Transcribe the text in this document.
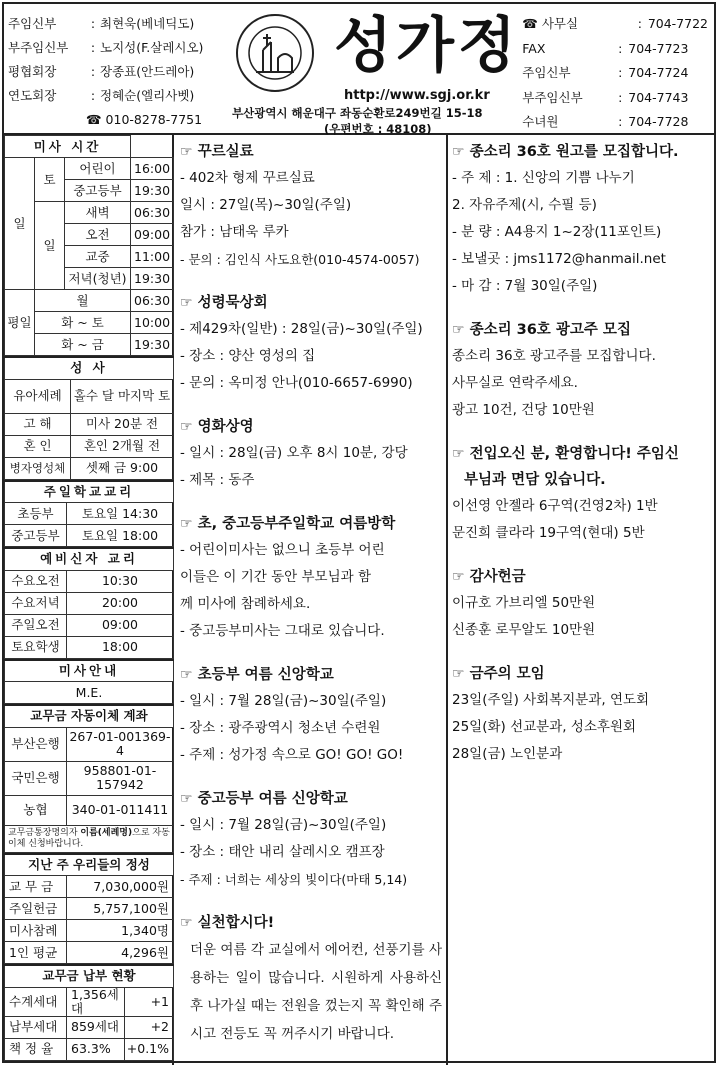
주임신부	: 최현욱(베네딕도)
부주임신부	: 노지성(F.살레시오)
평협회장	: 장종표(안드레아)
연도회장	: 정혜순(엘리사벳)
☎ 010-8278-7751
성가정
http://www.sgj.or.kr
부산광역시 해운대구 좌동순환로249번길 15-18
(우편번호 : 48108)
☎ 사무실	: 704-7722
FAX	: 704-7723
주임신부	: 704-7724
부주임신부	: 704-7743
수녀원	: 704-7728
미사 시간			
일	토	어린이	16:00
		중고등부	19:30
	일	새벽	06:30
		오전	09:00
		교중	11:00
		저녁(청년)	19:30
평일	월		06:30
	화 ~ 토		10:00
	화 ~ 금		19:30
성 사	
유아세례	홀수 달 마지막 토
고 해	미사 20분 전
혼 인	혼인 2개월 전
병자영성체	셋째 금 9:00
주일학교교리	
초등부	토요일 14:30
중고등부	토요일 18:00
예비신자 교리	
수요오전	10:30
수요저녁	20:00
주일오전	09:00
토요학생	18:00
미사안내
M.E.
교무금 자동이체 계좌	
부산은행	267-01-001369-4
국민은행	958801-01-157942
농협	340-01-011411
교무금통장명의자 이름(세례명)으로 자동이체 신청바랍니다.	
지난 주 우리들의 정성	
교 무 금	7,030,000원
주일헌금	5,757,100원
미사참례	1,340명
1인 평균	4,296원
교무금 납부 현황		
수계세대	1,356세대	+1
납부세대	859세대	+2
책 정 율	63.3%	+0.1%
☞ 꾸르실료

- 402차 형제 꾸르실료

일시 : 27일(목)~30일(주일)

참가 : 남태욱 루카

- 문의 : 김인식 사도요한(010-4574-0057)

☞ 성령묵상회

- 제429차(일반) : 28일(금)~30일(주일)

- 장소 : 양산 영성의 집

- 문의 : 옥미정 안나(010-6657-6990)

☞ 영화상영

- 일시 : 28일(금) 오후 8시 10분, 강당

- 제목 : 동주

☞ 초, 중고등부주일학교 여름방학

- 어린이미사는 없으니 초등부 어린

이들은 이 기간 동안 부모님과 함

께 미사에 참례하세요.

- 중고등부미사는 그대로 있습니다.

☞ 초등부 여름 신앙학교

- 일시 : 7월 28일(금)~30일(주일)

- 장소 : 광주광역시 청소년 수련원

- 주제 : 성가정 속으로 GO! GO! GO!

☞ 중고등부 여름 신앙학교

- 일시 : 7월 28일(금)~30일(주일)

- 장소 : 태안 내리 살레시오 캠프장

- 주제 : 너희는 세상의 빛이다(마태 5,14)

☞ 실천합시다!

더운 여름 각 교실에서 에어컨, 선풍기를 사용하는 일이 많습니다. 시원하게 사용하신 후 나가실 때는 전원을 껐는지 꼭 확인해 주시고 전등도 꼭 꺼주시기 바랍니다.

☞ 종소리 36호 원고를 모집합니다.

- 주 제 : 1. 신앙의 기쁨 나누기

2. 자유주제(시, 수필 등)

- 분 량 : A4용지 1~2장(11포인트)

- 보낼곳 : jms1172@hanmail.net

- 마 감 : 7월 30일(주일)

☞ 종소리 36호 광고주 모집

종소리 36호 광고주를 모집합니다.

사무실로 연락주세요.

광고 10건, 건당 10만원

☞ 전입오신 분, 환영합니다! 주임신
부님과 면담 있습니다.

이선영 안젤라 6구역(건영2차) 1반

문진희 클라라 19구역(현대) 5반

☞ 감사헌금

이규호 가브리엘 50만원

신종훈 로무알도 10만원

☞ 금주의 모임

23일(주일) 사회복지분과, 연도회

25일(화) 선교분과, 성소후원회

28일(금) 노인분과
